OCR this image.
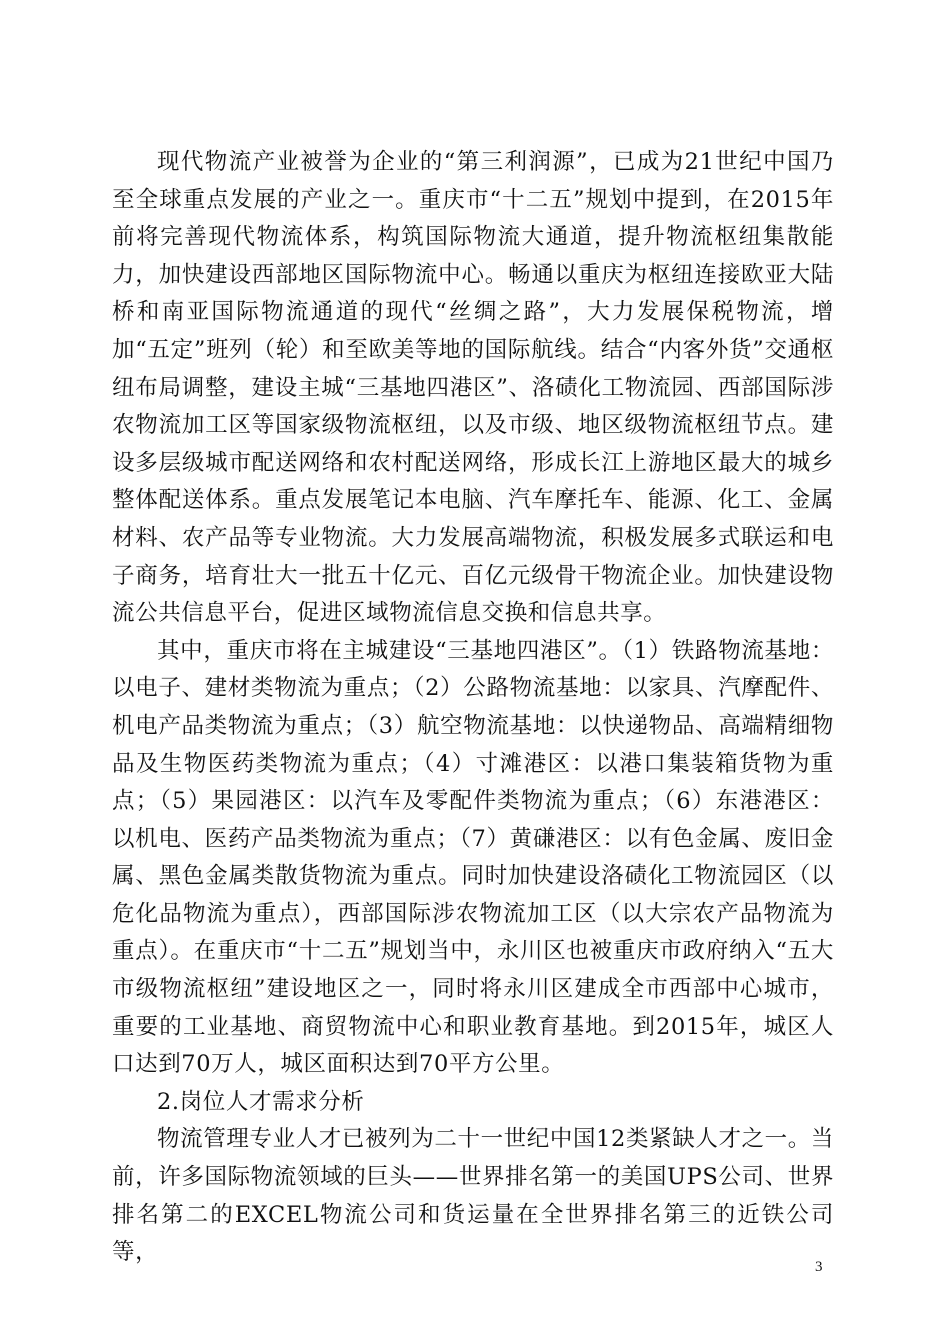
现代物流产业被誉为企业的“第三利润源”，已成为21世纪中国乃至全球重点发展的产业之一。重庆市“十二五”规划中提到，在2015年前将完善现代物流体系，构筑国际物流大通道，提升物流枢纽集散能力，加快建设西部地区国际物流中心。畅通以重庆为枢纽连接欧亚大陆桥和南亚国际物流通道的现代“丝绸之路”，大力发展保税物流，增加“五定”班列（轮）和至欧美等地的国际航线。结合“内客外货”交通枢纽布局调整，建设主城“三基地四港区”、洛碛化工物流园、西部国际涉农物流加工区等国家级物流枢纽，以及市级、地区级物流枢纽节点。建设多层级城市配送网络和农村配送网络，形成长江上游地区最大的城乡整体配送体系。重点发展笔记本电脑、汽车摩托车、能源、化工、金属材料、农产品等专业物流。大力发展高端物流，积极发展多式联运和电子商务，培育壮大一批五十亿元、百亿元级骨干物流企业。加快建设物流公共信息平台，促进区域物流信息交换和信息共享。

其中，重庆市将在主城建设“三基地四港区”。（1）铁路物流基地：以电子、建材类物流为重点；（2）公路物流基地：以家具、汽摩配件、机电产品类物流为重点；（3）航空物流基地：以快递物品、高端精细物品及生物医药类物流为重点；（4）寸滩港区：以港口集装箱货物为重点；（5）果园港区：以汽车及零配件类物流为重点；（6）东港港区：以机电、医药产品类物流为重点；（7）黄磏港区：以有色金属、废旧金属、黑色金属类散货物流为重点。同时加快建设洛碛化工物流园区（以危化品物流为重点），西部国际涉农物流加工区（以大宗农产品物流为重点）。在重庆市“十二五”规划当中，永川区也被重庆市政府纳入“五大市级物流枢纽”建设地区之一，同时将永川区建成全市西部中心城市，重要的工业基地、商贸物流中心和职业教育基地。到2015年，城区人口达到70万人，城区面积达到70平方公里。

2.岗位人才需求分析

物流管理专业人才已被列为二十一世纪中国12类紧缺人才之一。当前，许多国际物流领域的巨头——世界排名第一的美国UPS公司、世界排名第二的EXCEL物流公司和货运量在全世界排名第三的近铁公司等，

3
